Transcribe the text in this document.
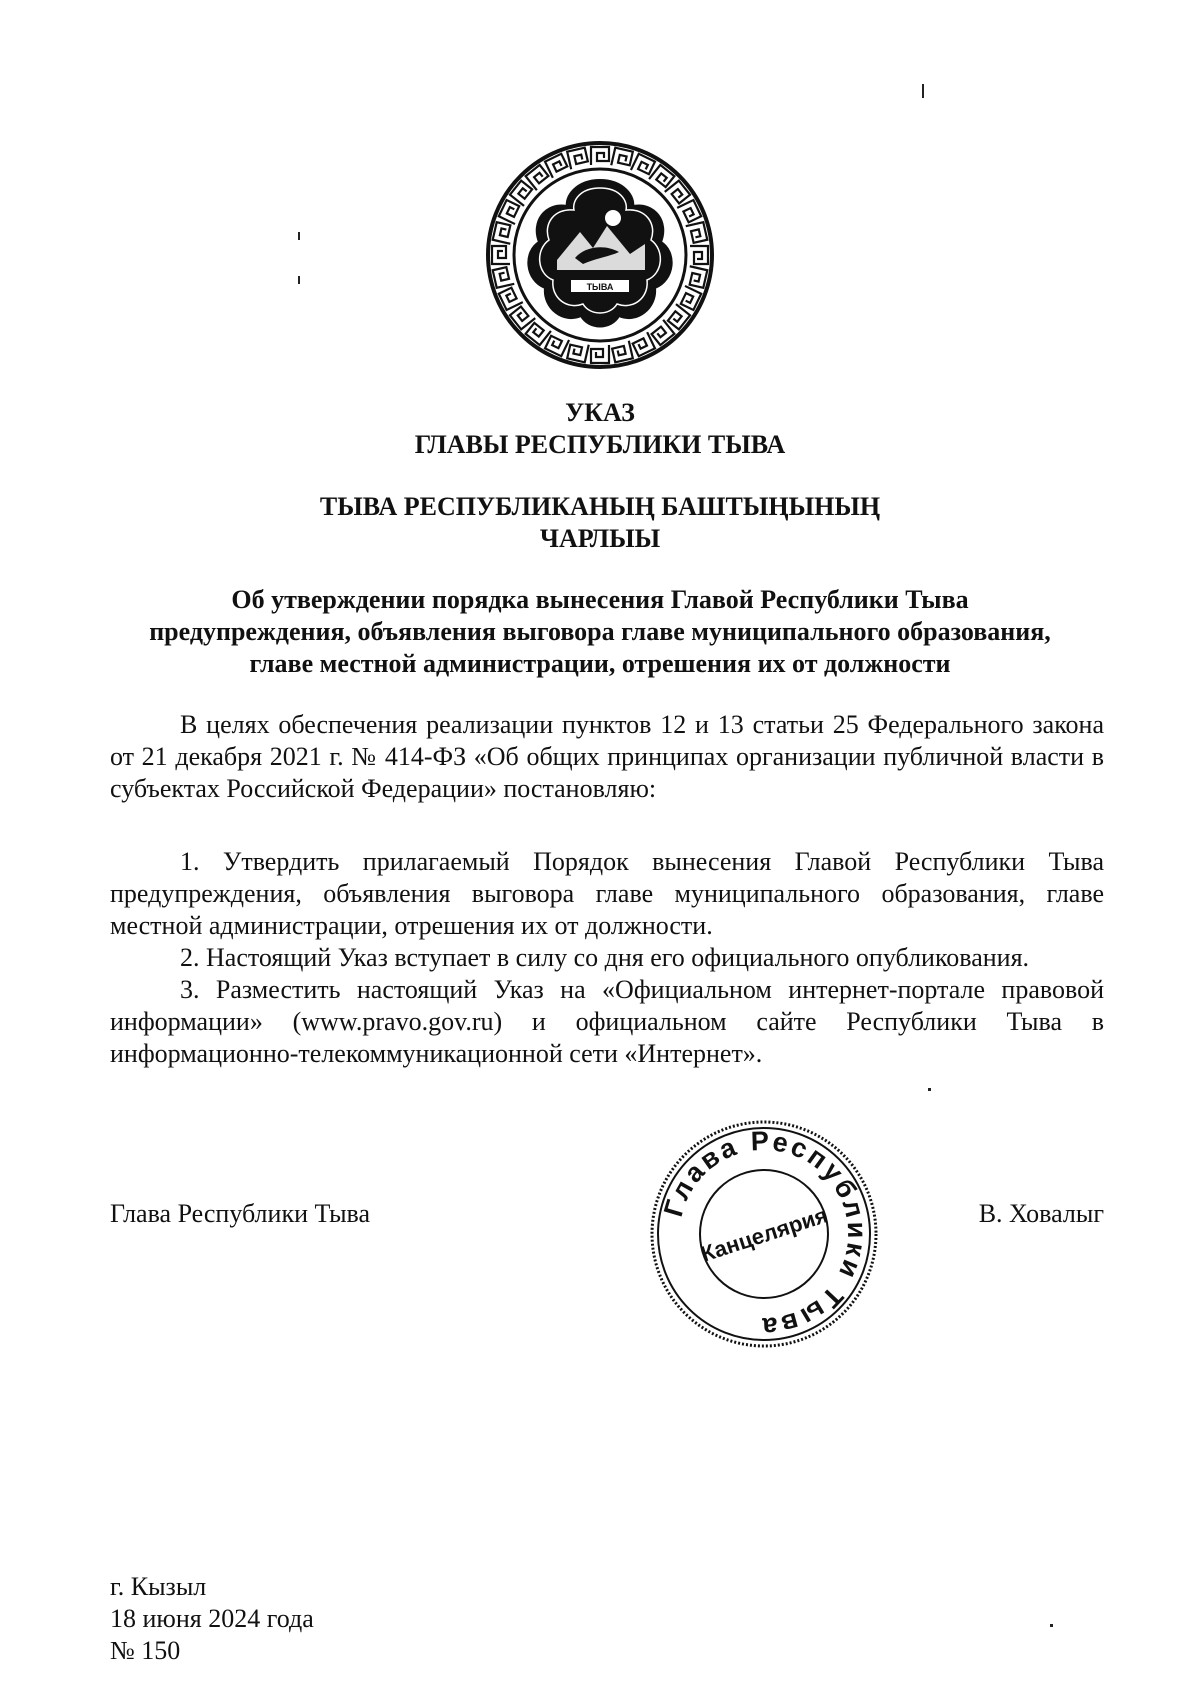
ТЫВА
УКАЗ
ГЛАВЫ РЕСПУБЛИКИ ТЫВА
ТЫВА РЕСПУБЛИКАНЫҢ БАШТЫҢЫНЫҢ
ЧАРЛЫЫ
Об утверждении порядка вынесения Главой Республики Тыва
предупреждения, объявления выговора главе муниципального образования,
главе местной администрации, отрешения их от должности

В целях обеспечения реализации пунктов 12 и 13 статьи 25 Федерального закона от 21 декабря 2021 г. № 414-ФЗ «Об общих принципах организации публичной власти в субъектах Российской Федерации» постановляю:

1. Утвердить прилагаемый Порядок вынесения Главой Республики Тыва предупреждения, объявления выговора главе муниципального образования, главе местной администрации, отрешения их от должности.

2. Настоящий Указ вступает в силу со дня его официального опубликования.

3. Разместить настоящий Указ на «Официальном интернет-портале правовой информации» (www.pravo.gov.ru) и официальном сайте Республики Тыва в информационно-телекоммуникационной сети «Интернет».

Глава Республики Тыва	В. Ховалыг
Глава Республики Тыва
Канцелярия
г. Кызыл
18 июня 2024 года
№ 150
